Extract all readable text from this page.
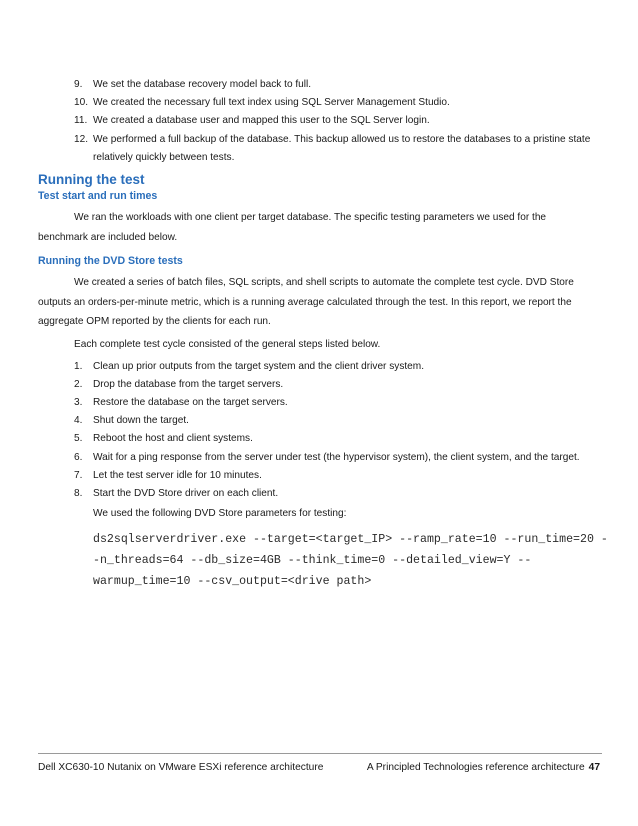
9. We set the database recovery model back to full.
10. We created the necessary full text index using SQL Server Management Studio.
11. We created a database user and mapped this user to the SQL Server login.
12. We performed a full backup of the database. This backup allowed us to restore the databases to a pristine state relatively quickly between tests.
Running the test
Test start and run times

We ran the workloads with one client per target database. The specific testing parameters we used for the benchmark are included below.

Running the DVD Store tests

We created a series of batch files, SQL scripts, and shell scripts to automate the complete test cycle. DVD Store outputs an orders-per-minute metric, which is a running average calculated through the test. In this report, we report the aggregate OPM reported by the clients for each run.

Each complete test cycle consisted of the general steps listed below.

1. Clean up prior outputs from the target system and the client driver system.
2. Drop the database from the target servers.
3. Restore the database on the target servers.
4. Shut down the target.
5. Reboot the host and client systems.
6. Wait for a ping response from the server under test (the hypervisor system), the client system, and the target.
7. Let the test server idle for 10 minutes.
8. Start the DVD Store driver on each client.

We used the following DVD Store parameters for testing:

ds2sqlserverdriver.exe --target=<target_IP> --ramp_rate=10 --run_time=20 --n_threads=64 --db_size=4GB --think_time=0 --detailed_view=Y --warmup_time=10 --csv_output=<drive path>
Dell XC630-10 Nutanix on VMware ESXi reference architecture	A Principled Technologies reference architecture 47
